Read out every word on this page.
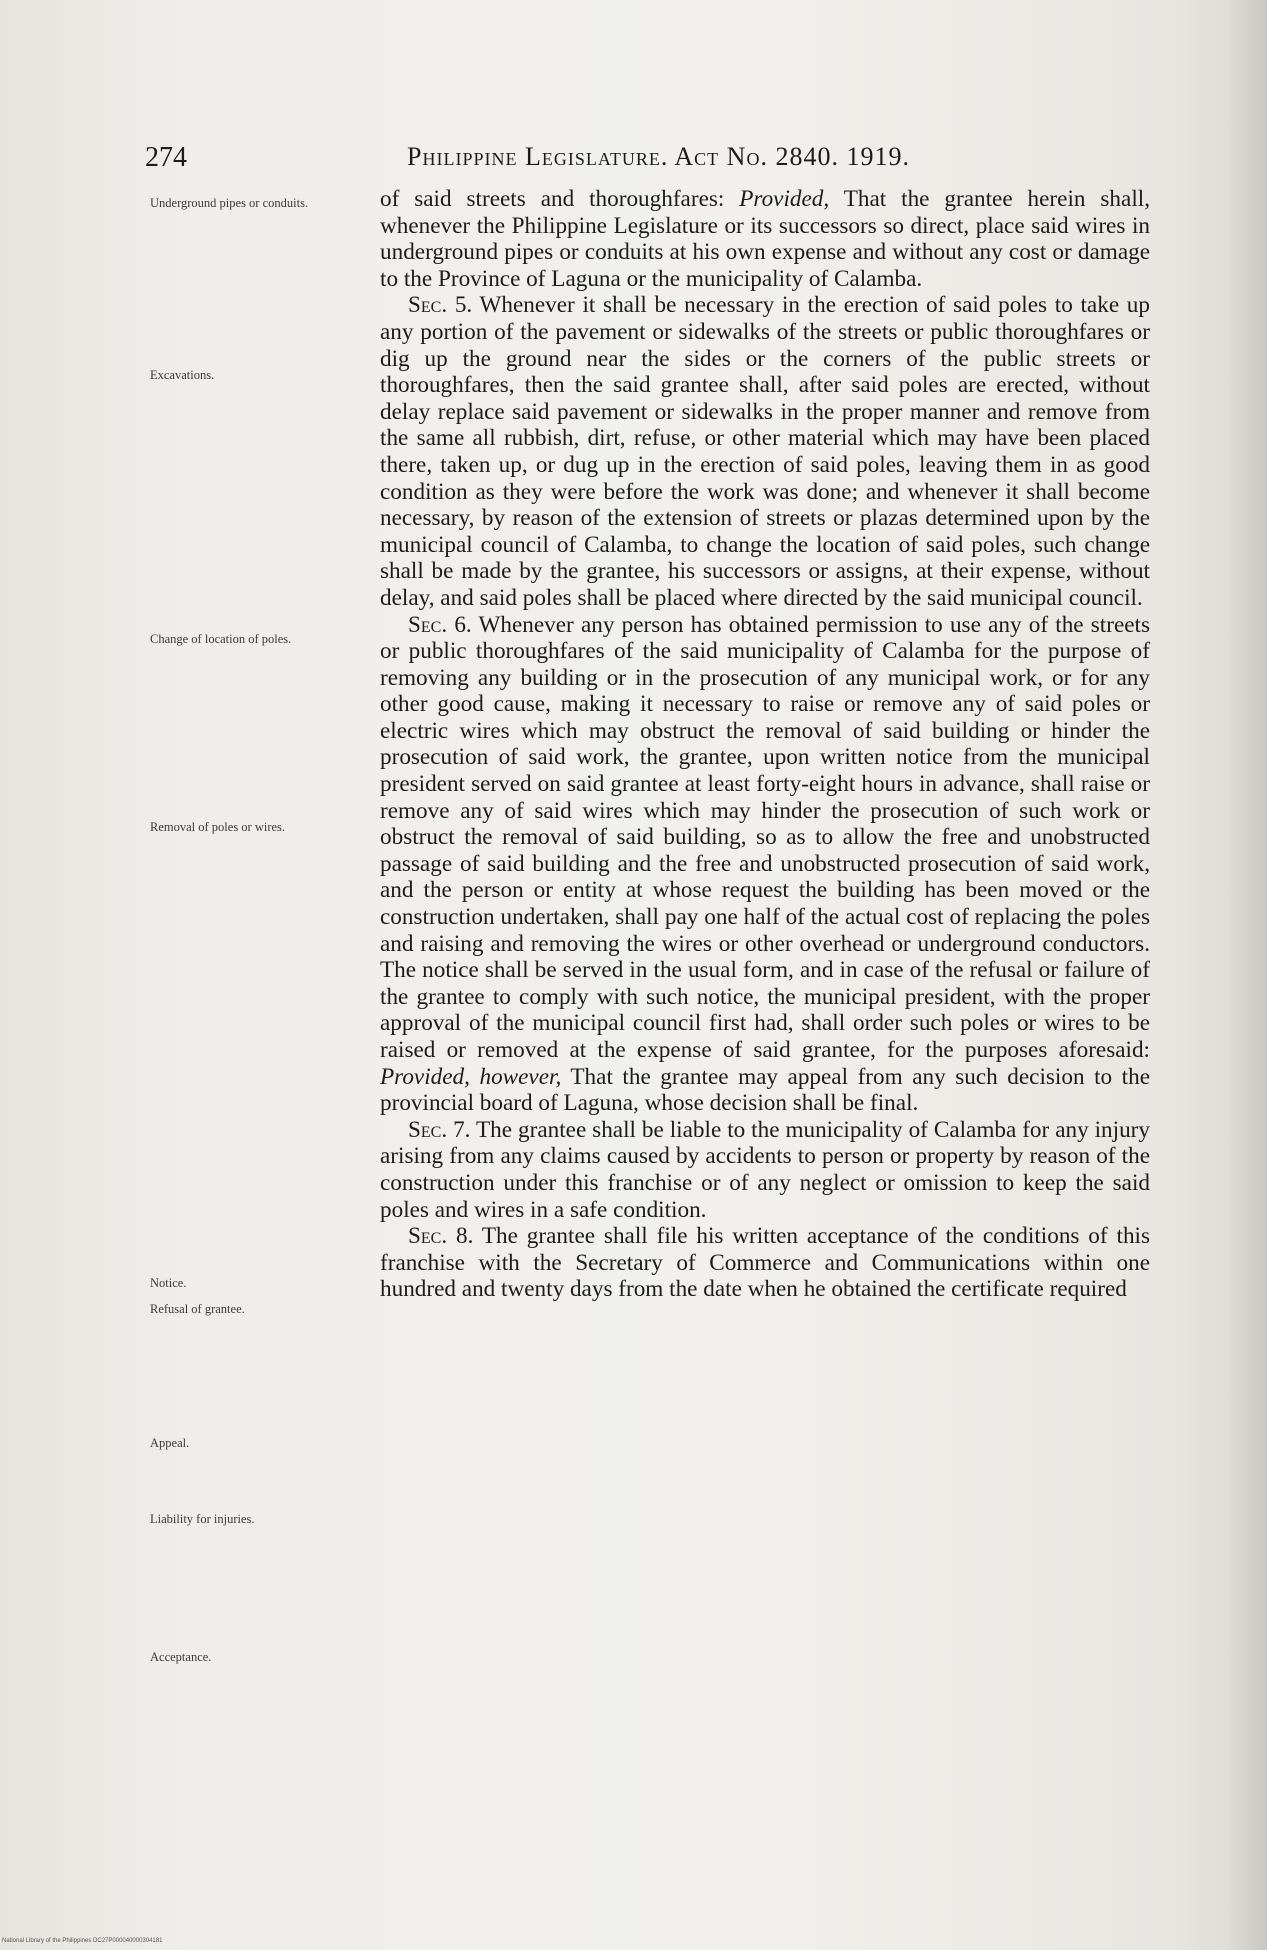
274	Philippine Legislature. Act No. 2840. 1919.
Underground pipes or conduits.
Excavations.
Change of location of poles.
Removal of poles or wires.
Notice.
Refusal of grantee.
Appeal.
Liability for injuries.
Acceptance.

of said streets and thoroughfares: Provided, That the grantee herein shall, whenever the Philippine Legislature or its successors so direct, place said wires in underground pipes or conduits at his own expense and without any cost or damage to the Province of Laguna or the municipality of Calamba.

Sec. 5. Whenever it shall be necessary in the erection of said poles to take up any portion of the pavement or sidewalks of the streets or public thoroughfares or dig up the ground near the sides or the corners of the public streets or thoroughfares, then the said grantee shall, after said poles are erected, without delay replace said pavement or sidewalks in the proper manner and remove from the same all rubbish, dirt, refuse, or other material which may have been placed there, taken up, or dug up in the erection of said poles, leaving them in as good condition as they were before the work was done; and whenever it shall become necessary, by reason of the extension of streets or plazas determined upon by the municipal council of Calamba, to change the location of said poles, such change shall be made by the grantee, his successors or assigns, at their expense, without delay, and said poles shall be placed where directed by the said municipal council.

Sec. 6. Whenever any person has obtained permission to use any of the streets or public thoroughfares of the said municipality of Calamba for the purpose of removing any building or in the prosecution of any municipal work, or for any other good cause, making it necessary to raise or remove any of said poles or electric wires which may obstruct the removal of said building or hinder the prosecution of said work, the grantee, upon written notice from the municipal president served on said grantee at least forty-eight hours in advance, shall raise or remove any of said wires which may hinder the prosecution of such work or obstruct the removal of said building, so as to allow the free and unobstructed passage of said building and the free and unobstructed prosecution of said work, and the person or entity at whose request the building has been moved or the construction undertaken, shall pay one half of the actual cost of replacing the poles and raising and removing the wires or other overhead or underground conductors. The notice shall be served in the usual form, and in case of the refusal or failure of the grantee to comply with such notice, the municipal president, with the proper approval of the municipal council first had, shall order such poles or wires to be raised or removed at the expense of said grantee, for the purposes aforesaid: Provided, however, That the grantee may appeal from any such decision to the provincial board of Laguna, whose decision shall be final.

Sec. 7. The grantee shall be liable to the municipality of Calamba for any injury arising from any claims caused by accidents to person or property by reason of the construction under this franchise or of any neglect or omission to keep the said poles and wires in a safe condition.

Sec. 8. The grantee shall file his written acceptance of the conditions of this franchise with the Secretary of Commerce and Communications within one hundred and twenty days from the date when he obtained the certificate required

National Library of the Philippines DC27P000040000304181
